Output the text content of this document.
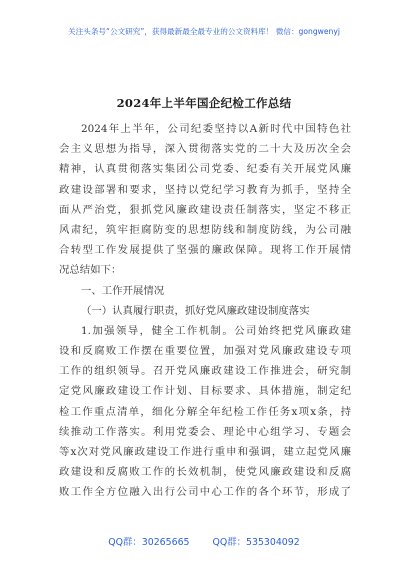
关注头条号“公文研究”，获得最新最全最专业的公文资料库！ 微信：gongwenyj
2024年上半年国企纪检工作总结
2024年上半年，公司纪委坚持以A新时代中国特色社
会主义思想为指导，深入贯彻落实党的二十大及历次全会
精神，认真贯彻落实集团公司党委、纪委有关开展党风廉
政建设部署和要求，坚持以党纪学习教育为抓手，坚持全
面从严治党，狠抓党风廉政建设责任制落实，坚定不移正
风肃纪，筑牢拒腐防变的思想防线和制度防线，为公司融
合转型工作发展提供了坚强的廉政保障。现将工作开展情
况总结如下：
一、工作开展情况
（一）认真履行职责，抓好党风廉政建设制度落实
1.加强领导，健全工作机制。公司始终把党风廉政建
设和反腐败工作摆在重要位置，加强对党风廉政建设专项
工作的组织领导。召开党风廉政建设工作推进会，研究制
定党风廉政建设工作计划、目标要求、具体措施，制定纪
检工作重点清单，细化分解全年纪检工作任务x项x条，持
续推动工作落实。利用党委会、理论中心组学习、专题会
等x次对党风廉政建设工作进行重申和强调，建立起党风廉
政建设和反腐败工作的长效机制，使党风廉政建设和反腐
败工作全方位融入出行公司中心工作的各个环节，形成了
QQ群：30265665 QQ群：535304092
